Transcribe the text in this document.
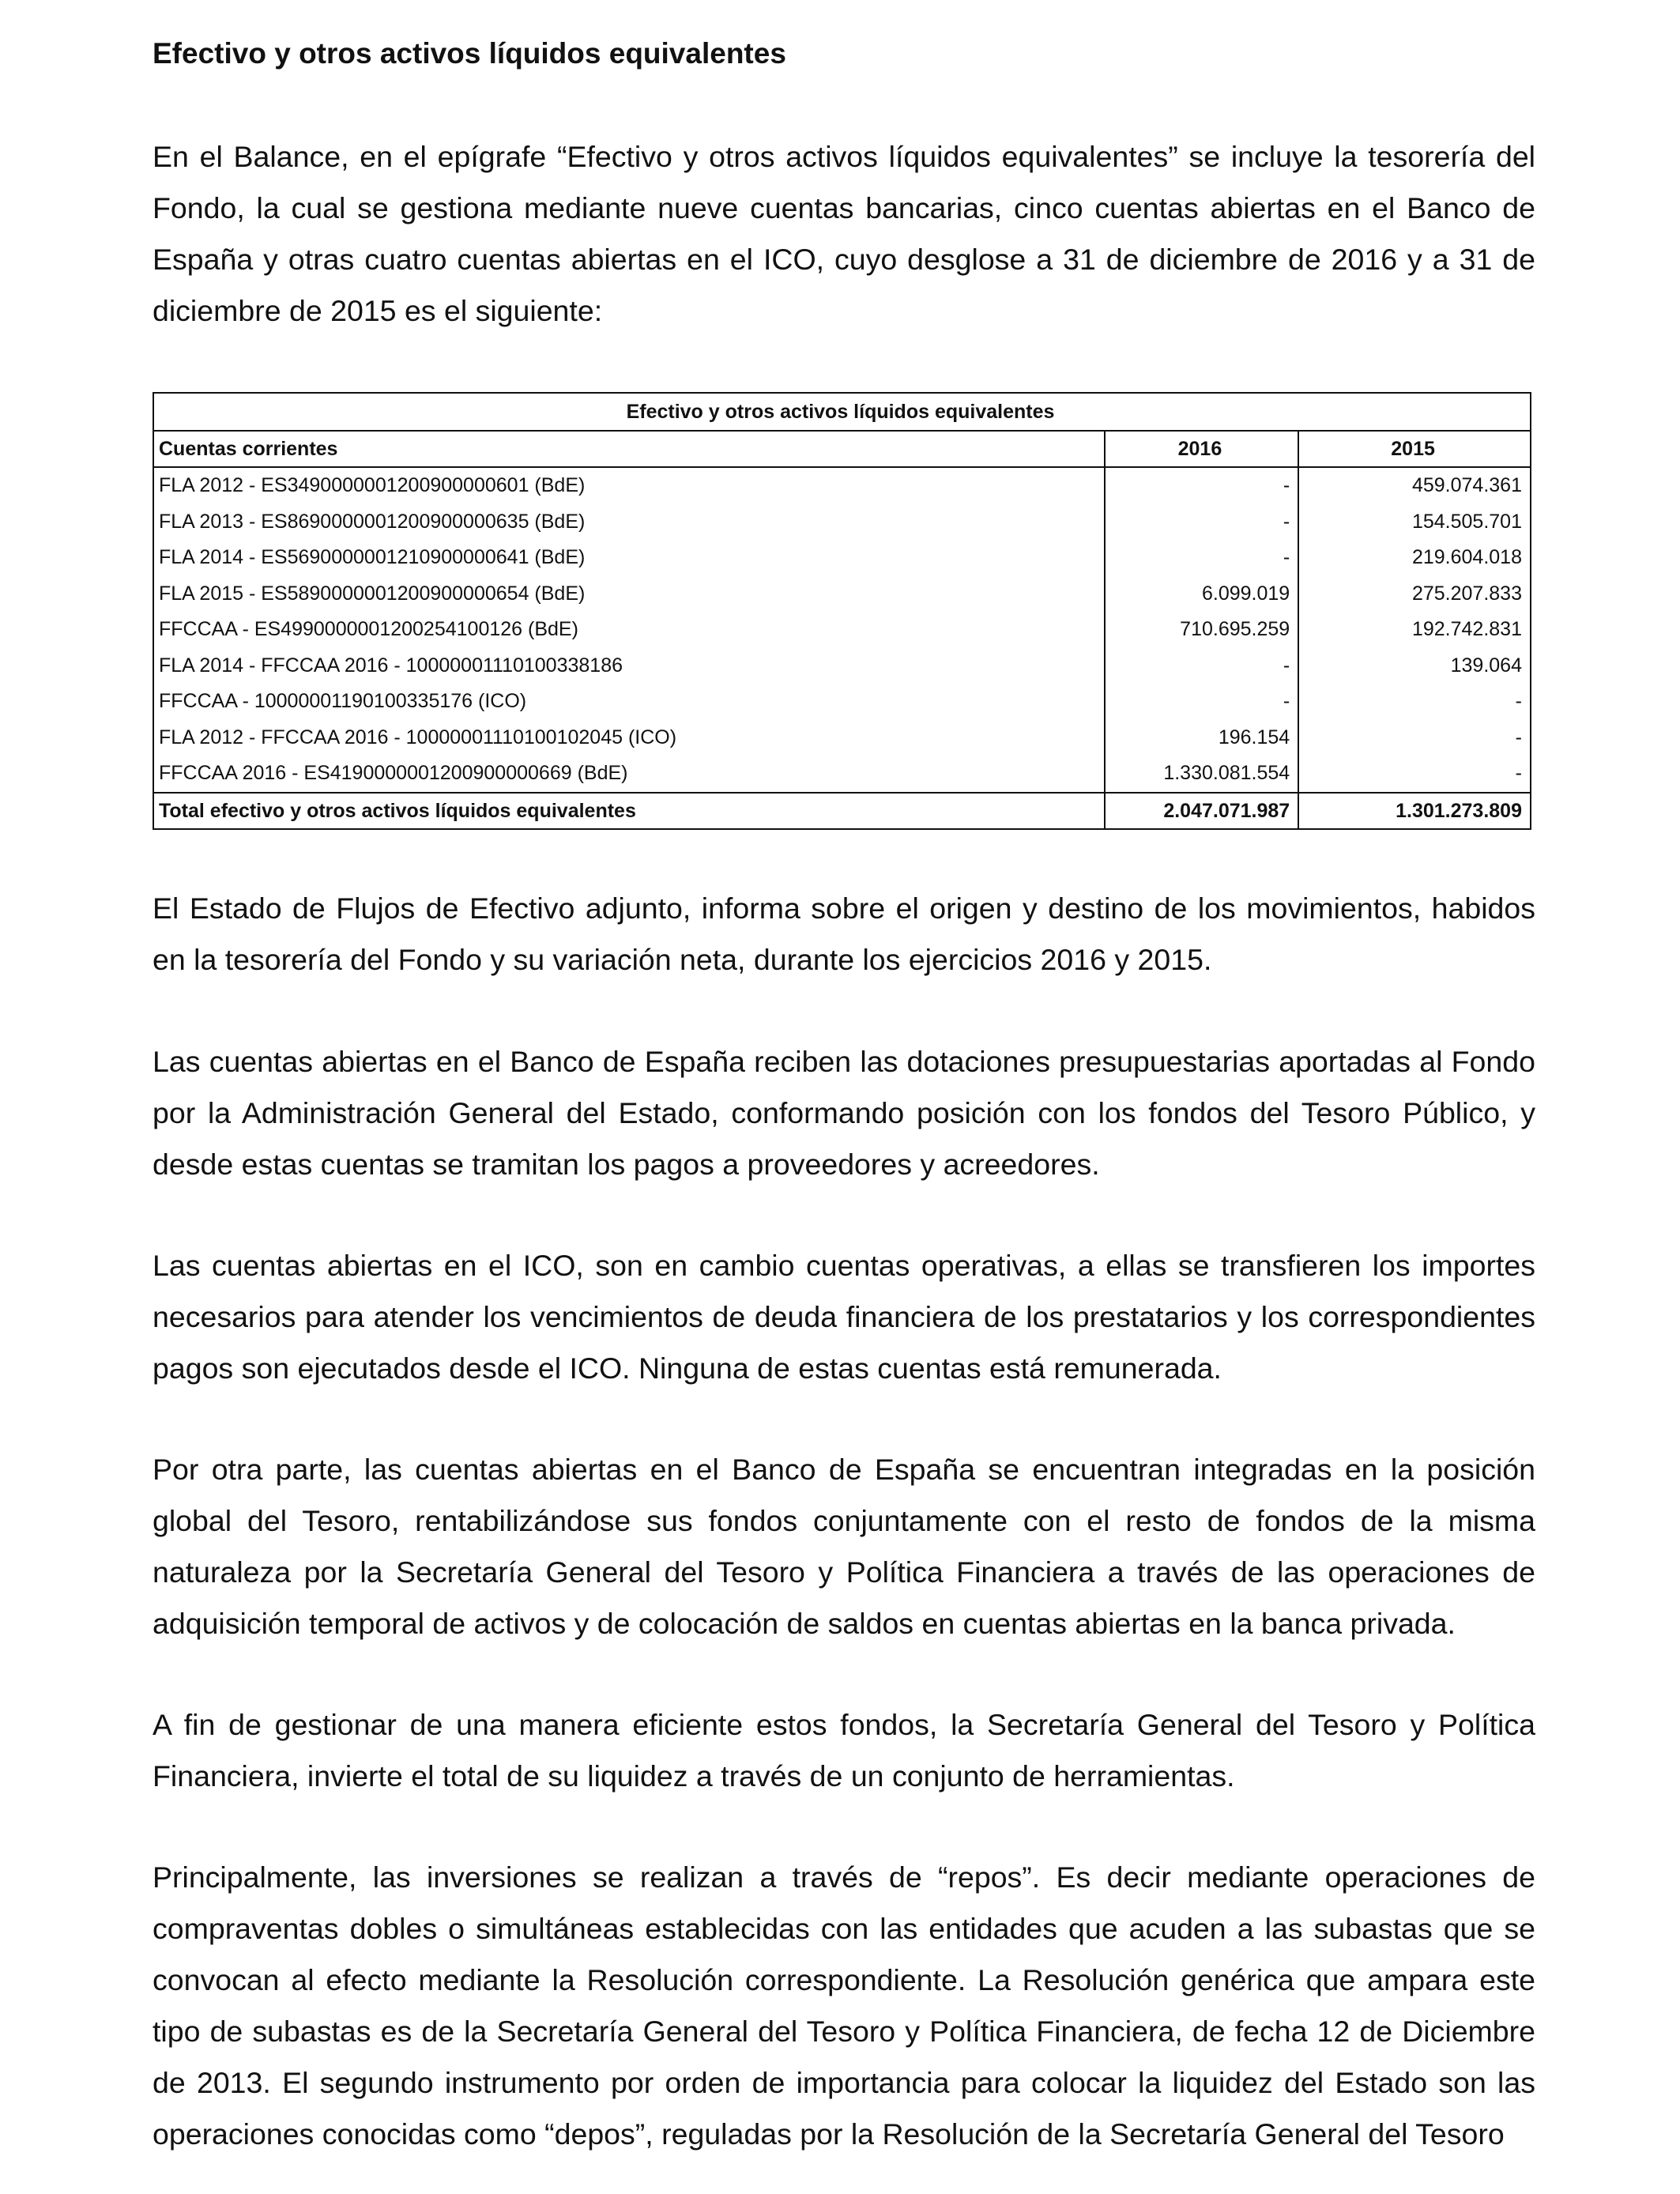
Efectivo y otros activos líquidos equivalentes

En el Balance, en el epígrafe “Efectivo y otros activos líquidos equivalentes” se incluye la tesorería del Fondo, la cual se gestiona mediante nueve cuentas bancarias, cinco cuentas abiertas en el Banco de España y otras cuatro cuentas abiertas en el ICO, cuyo desglose a 31 de diciembre de 2016 y a 31 de diciembre de 2015 es el siguiente:

Efectivo y otros activos líquidos equivalentes		
Cuentas corrientes	2016	2015
FLA 2012 - ES3490000001200900000601 (BdE)	-	459.074.361
FLA 2013 - ES8690000001200900000635 (BdE)	-	154.505.701
FLA 2014 - ES5690000001210900000641 (BdE)	-	219.604.018
FLA 2015 - ES5890000001200900000654 (BdE)	6.099.019	275.207.833
FFCCAA - ES4990000001200254100126 (BdE)	710.695.259	192.742.831
FLA 2014 - FFCCAA 2016 - 10000001110100338186	-	139.064
FFCCAA - 10000001190100335176 (ICO)	-	-
FLA 2012 - FFCCAA 2016 - 10000001110100102045 (ICO)	196.154	-
FFCCAA 2016 - ES4190000001200900000669 (BdE)	1.330.081.554	-
Total efectivo y otros activos líquidos equivalentes	2.047.071.987	1.301.273.809

El Estado de Flujos de Efectivo adjunto, informa sobre el origen y destino de los movimientos, habidos en la tesorería del Fondo y su variación neta, durante los ejercicios 2016 y 2015.

Las cuentas abiertas en el Banco de España reciben las dotaciones presupuestarias aportadas al Fondo por la Administración General del Estado, conformando posición con los fondos del Tesoro Público, y desde estas cuentas se tramitan los pagos a proveedores y acreedores.

Las cuentas abiertas en el ICO, son en cambio cuentas operativas, a ellas se transfieren los importes necesarios para atender los vencimientos de deuda financiera de los prestatarios y los correspondientes pagos son ejecutados desde el ICO. Ninguna de estas cuentas está remunerada.

Por otra parte, las cuentas abiertas en el Banco de España se encuentran integradas en la posición global del Tesoro, rentabilizándose sus fondos conjuntamente con el resto de fondos de la misma naturaleza por la Secretaría General del Tesoro y Política Financiera a través de las operaciones de adquisición temporal de activos y de colocación de saldos en cuentas abiertas en la banca privada.

A fin de gestionar de una manera eficiente estos fondos, la Secretaría General del Tesoro y Política Financiera, invierte el total de su liquidez a través de un conjunto de herramientas.

Principalmente, las inversiones se realizan a través de “repos”. Es decir mediante operaciones de compraventas dobles o simultáneas establecidas con las entidades que acuden a las subastas que se convocan al efecto mediante la Resolución correspondiente. La Resolución genérica que ampara este tipo de subastas es de la Secretaría General del Tesoro y Política Financiera, de fecha 12 de Diciembre de 2013. El segundo instrumento por orden de importancia para colocar la liquidez del Estado son las operaciones conocidas como “depos”, reguladas por la Resolución de la Secretaría General del Tesoro
